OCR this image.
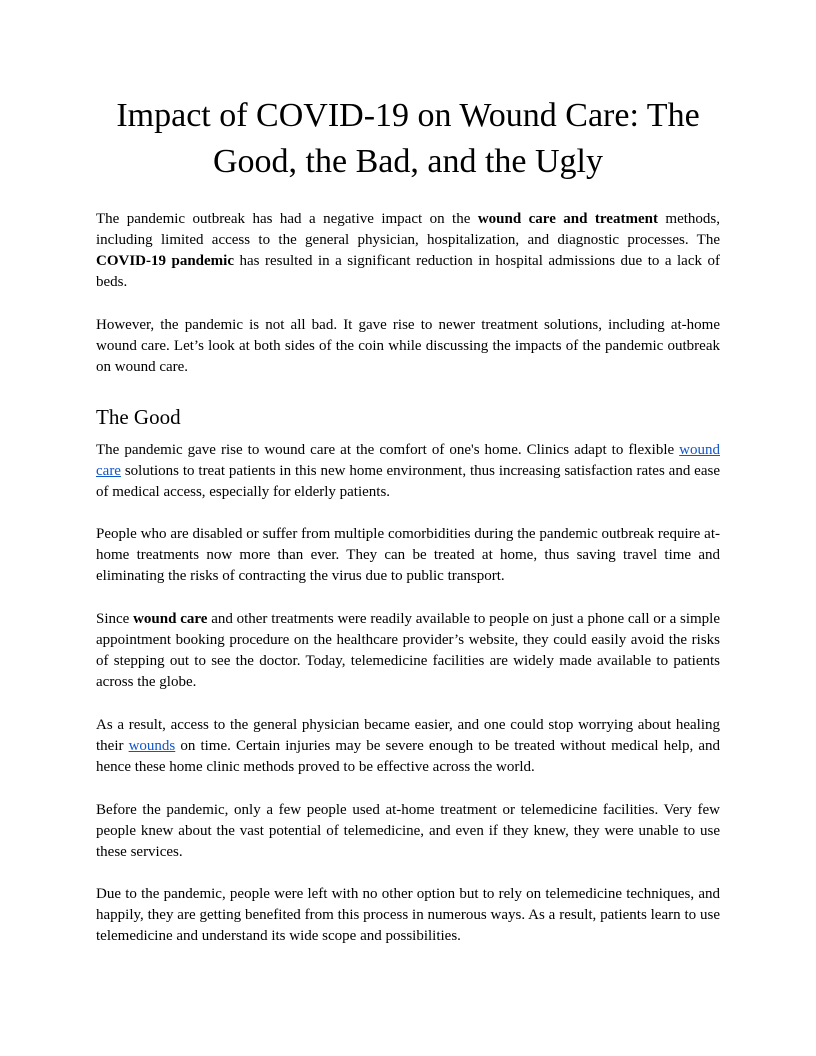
Impact of COVID-19 on Wound Care: The Good, the Bad, and the Ugly

The pandemic outbreak has had a negative impact on the wound care and treatment methods, including limited access to the general physician, hospitalization, and diagnostic processes. The COVID-19 pandemic has resulted in a significant reduction in hospital admissions due to a lack of beds.

However, the pandemic is not all bad. It gave rise to newer treatment solutions, including at-home wound care. Let’s look at both sides of the coin while discussing the impacts of the pandemic outbreak on wound care.

The Good

The pandemic gave rise to wound care at the comfort of one's home. Clinics adapt to flexible wound care solutions to treat patients in this new home environment, thus increasing satisfaction rates and ease of medical access, especially for elderly patients.

People who are disabled or suffer from multiple comorbidities during the pandemic outbreak require at-home treatments now more than ever. They can be treated at home, thus saving travel time and eliminating the risks of contracting the virus due to public transport.

Since wound care and other treatments were readily available to people on just a phone call or a simple appointment booking procedure on the healthcare provider’s website, they could easily avoid the risks of stepping out to see the doctor. Today, telemedicine facilities are widely made available to patients across the globe.

As a result, access to the general physician became easier, and one could stop worrying about healing their wounds on time. Certain injuries may be severe enough to be treated without medical help, and hence these home clinic methods proved to be effective across the world.

Before the pandemic, only a few people used at-home treatment or telemedicine facilities. Very few people knew about the vast potential of telemedicine, and even if they knew, they were unable to use these services.

Due to the pandemic, people were left with no other option but to rely on telemedicine techniques, and happily, they are getting benefited from this process in numerous ways. As a result, patients learn to use telemedicine and understand its wide scope and possibilities.
